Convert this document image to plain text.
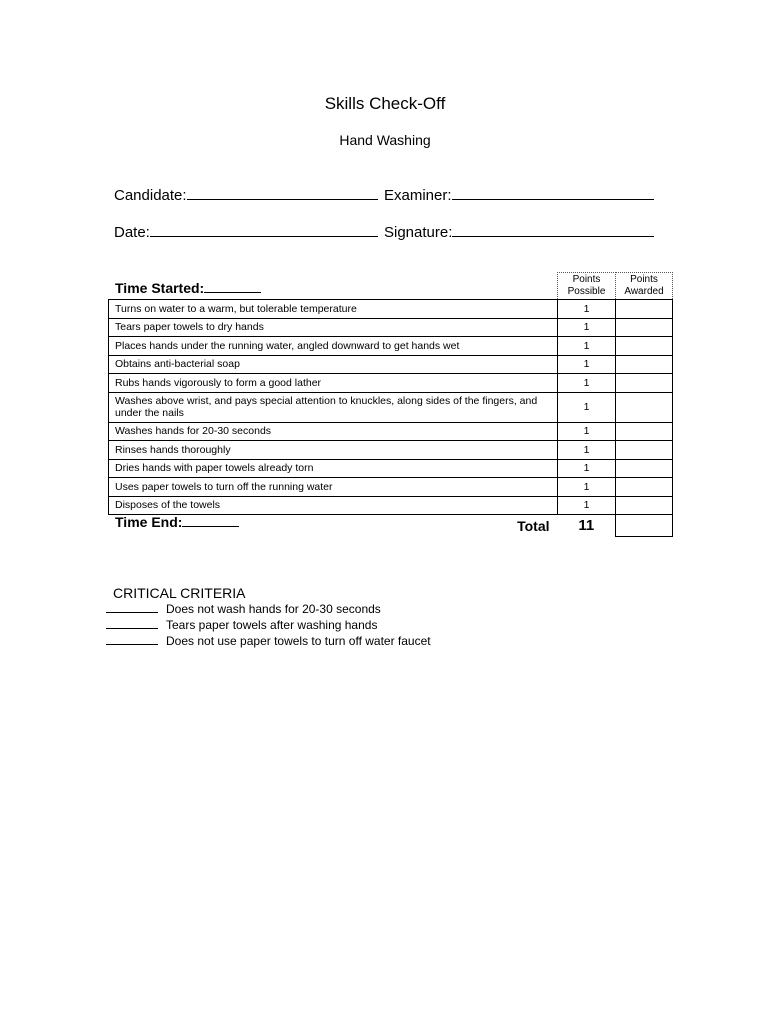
Skills Check-Off
Hand Washing
Candidate:	Examiner:
Date:	Signature:
Time Started:
	Points Possible	Points Awarded
Turns on water to a warm, but tolerable temperature	1	
Tears paper towels to dry hands	1	
Places hands under the running water, angled downward to get hands wet	1	
Obtains anti-bacterial soap	1	
Rubs hands vigorously to form a good lather	1	
Washes above wrist, and pays special attention to knuckles, along sides of the fingers, and under the nails	1	
Washes hands for 20-30 seconds	1	
Rinses hands thoroughly	1	
Dries hands with paper towels already torn	1	
Uses paper towels to turn off the running water	1	
Disposes of the towels	1	
Total	11	
Time End:
CRITICAL CRITERIA
Does not wash hands for 20-30 seconds
Tears paper towels after washing hands
Does not use paper towels to turn off water faucet
